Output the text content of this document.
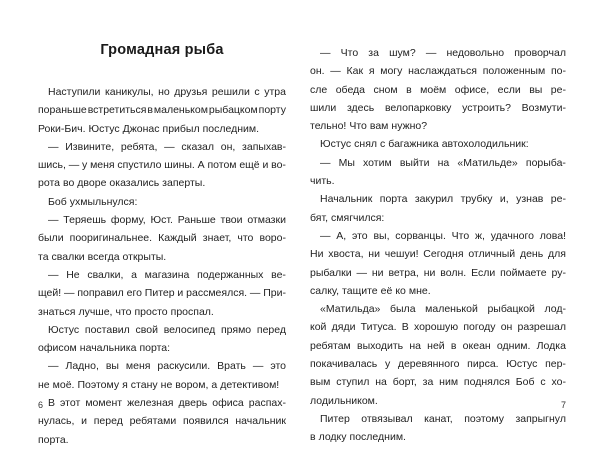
Громадная рыба
Наступили каникулы, но друзья решили с утра
пораньше встретиться в маленьком рыбацком порту
Роки-Бич. Юстус Джонас прибыл последним.
— Извините, ребята, — сказал он, запыхав-
шись, — у меня спустило шины. А потом ещё и во-
рота во дворе оказались заперты.
Боб ухмыльнулся:
— Теряешь форму, Юст. Раньше твои отмазки
были пооригинальнее. Каждый знает, что воро-
та свалки всегда открыты.
— Не свалки, а магазина подержанных ве-
щей! — поправил его Питер и рассмеялся. — При-
знаться лучше, что просто проспал.
Юстус поставил свой велосипед прямо перед
офисом начальника порта:
— Ладно, вы меня раскусили. Врать — это
не моё. Поэтому я стану не вором, а детективом!
В этот момент железная дверь офиса распах-
нулась, и перед ребятами появился начальник
порта.
6
— Что за шум? — недовольно проворчал
он. — Как я могу наслаждаться положенным по-
сле обеда сном в моём офисе, если вы ре-
шили здесь велопарковку устроить? Возмути-
тельно! Что вам нужно?
Юстус снял с багажника автохолодильник:
— Мы хотим выйти на «Матильде» порыба-
чить.
Начальник порта закурил трубку и, узнав ре-
бят, смягчился:
— А, это вы, сорванцы. Что ж, удачного лова!
Ни хвоста, ни чешуи! Сегодня отличный день для
рыбалки — ни ветра, ни волн. Если поймаете ру-
салку, тащите её ко мне.
«Матильда» была маленькой рыбацкой лод-
кой дяди Титуса. В хорошую погоду он разрешал
ребятам выходить на ней в океан одним. Лодка
покачивалась у деревянного пирса. Юстус пер-
вым ступил на борт, за ним поднялся Боб с хо-
лодильником.
Питер отвязывал канат, поэтому запрыгнул
в лодку последним.
7
